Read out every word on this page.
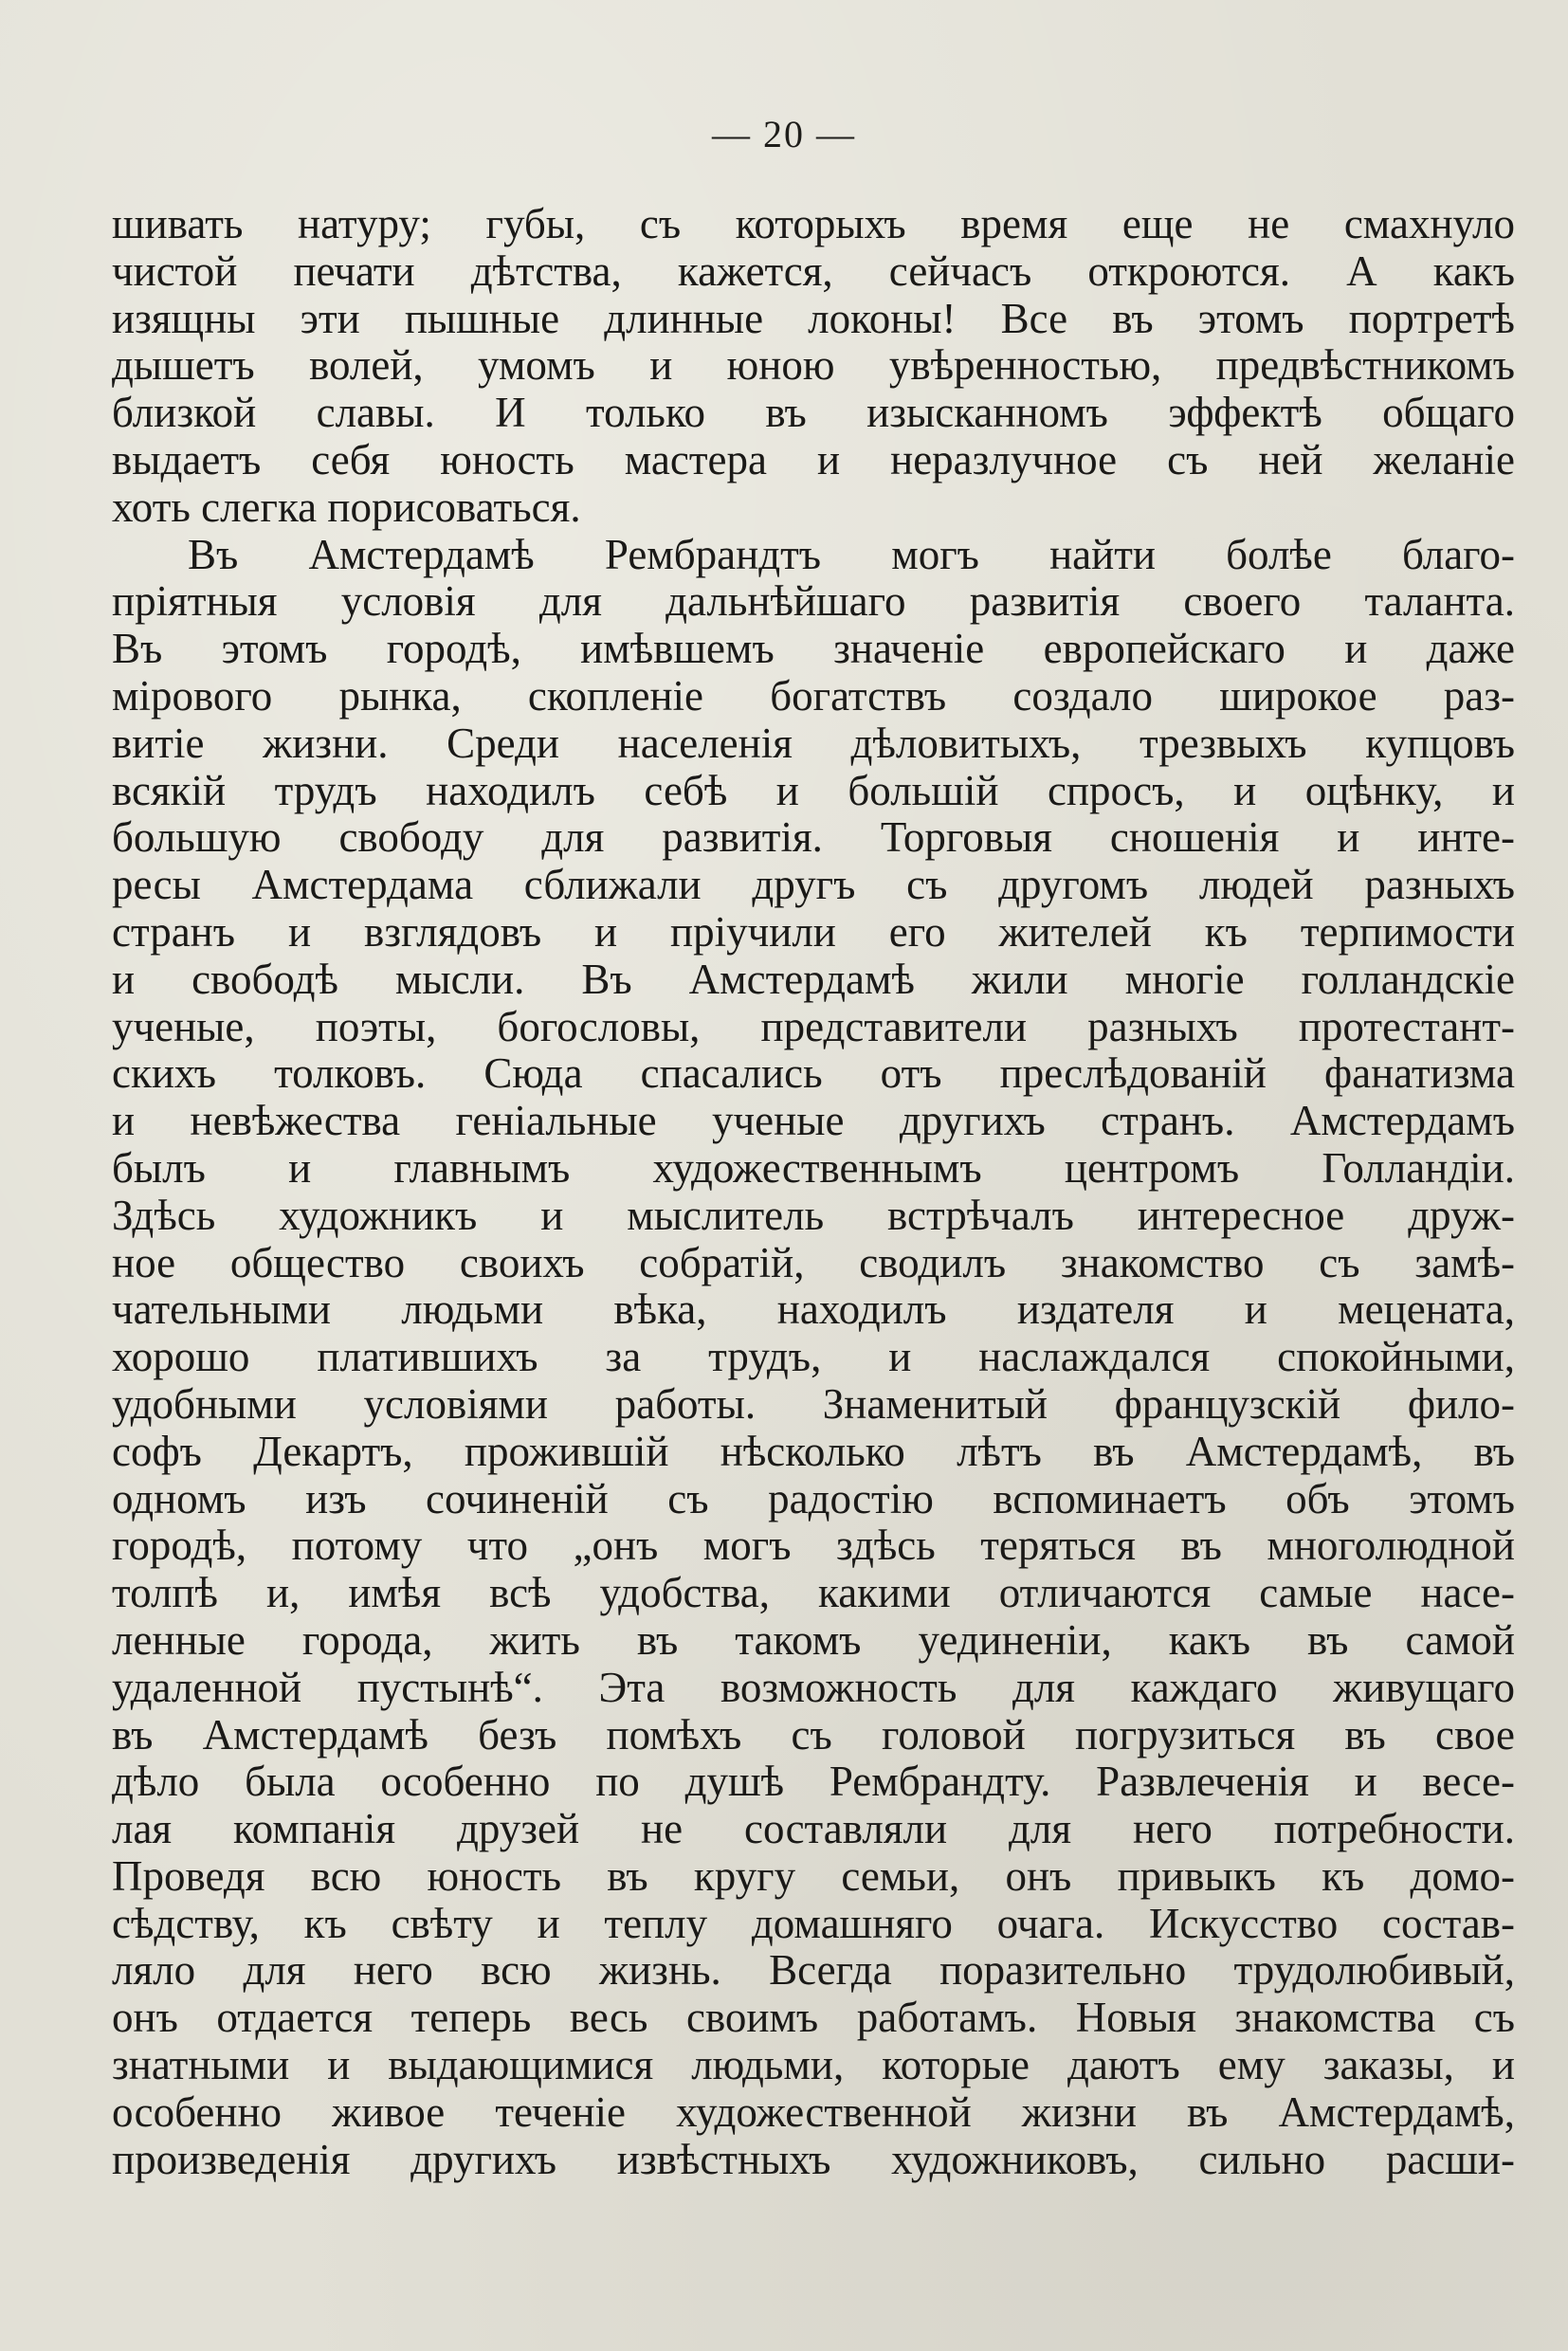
— 20 —
шивать натуру; губы, съ которыхъ время еще не смахнуло
чистой печати дѣтства, кажется, сейчасъ откроются. А какъ
изящны эти пышные длинные локоны! Все въ этомъ портретѣ
дышетъ волей, умомъ и юною увѣренностью, предвѣстникомъ
близкой славы. И только въ изысканномъ эффектѣ общаго
выдаетъ себя юность мастера и неразлучное съ ней желаніе
хоть слегка порисоваться.
Въ Амстердамѣ Рембрандтъ могъ найти болѣе благо-
пріятныя условія для дальнѣйшаго развитія своего таланта.
Въ этомъ городѣ, имѣвшемъ значеніе европейскаго и даже
мірового рынка, скопленіе богатствъ создало широкое раз-
витіе жизни. Среди населенія дѣловитыхъ, трезвыхъ купцовъ
всякій трудъ находилъ себѣ и большій спросъ, и оцѣнку, и
большую свободу для развитія. Торговыя сношенія и инте-
ресы Амстердама сближали другъ съ другомъ людей разныхъ
странъ и взглядовъ и пріучили его жителей къ терпимости
и свободѣ мысли. Въ Амстердамѣ жили многіе голландскіе
ученые, поэты, богословы, представители разныхъ протестант-
скихъ толковъ. Сюда спасались отъ преслѣдованій фанатизма
и невѣжества геніальные ученые другихъ странъ. Амстердамъ
былъ и главнымъ художественнымъ центромъ Голландіи.
Здѣсь художникъ и мыслитель встрѣчалъ интересное друж-
ное общество своихъ собратій, сводилъ знакомство съ замѣ-
чательными людьми вѣка, находилъ издателя и мецената,
хорошо платившихъ за трудъ, и наслаждался спокойными,
удобными условіями работы. Знаменитый французскій фило-
софъ Декартъ, прожившій нѣсколько лѣтъ въ Амстердамѣ, въ
одномъ изъ сочиненій съ радостію вспоминаетъ объ этомъ
городѣ, потому что „онъ могъ здѣсь теряться въ многолюдной
толпѣ и, имѣя всѣ удобства, какими отличаются самые насе-
ленные города, жить въ такомъ уединеніи, какъ въ самой
удаленной пустынѣ“. Эта возможность для каждаго живущаго
въ Амстердамѣ безъ помѣхъ съ головой погрузиться въ свое
дѣло была особенно по душѣ Рембрандту. Развлеченія и весе-
лая компанія друзей не составляли для него потребности.
Проведя всю юность въ кругу семьи, онъ привыкъ къ домо-
сѣдству, къ свѣту и теплу домашняго очага. Искусство состав-
ляло для него всю жизнь. Всегда поразительно трудолюбивый,
онъ отдается теперь весь своимъ работамъ. Новыя знакомства съ
знатными и выдающимися людьми, которые даютъ ему заказы, и
особенно живое теченіе художественной жизни въ Амстердамѣ,
произведенія другихъ извѣстныхъ художниковъ, сильно расши-
